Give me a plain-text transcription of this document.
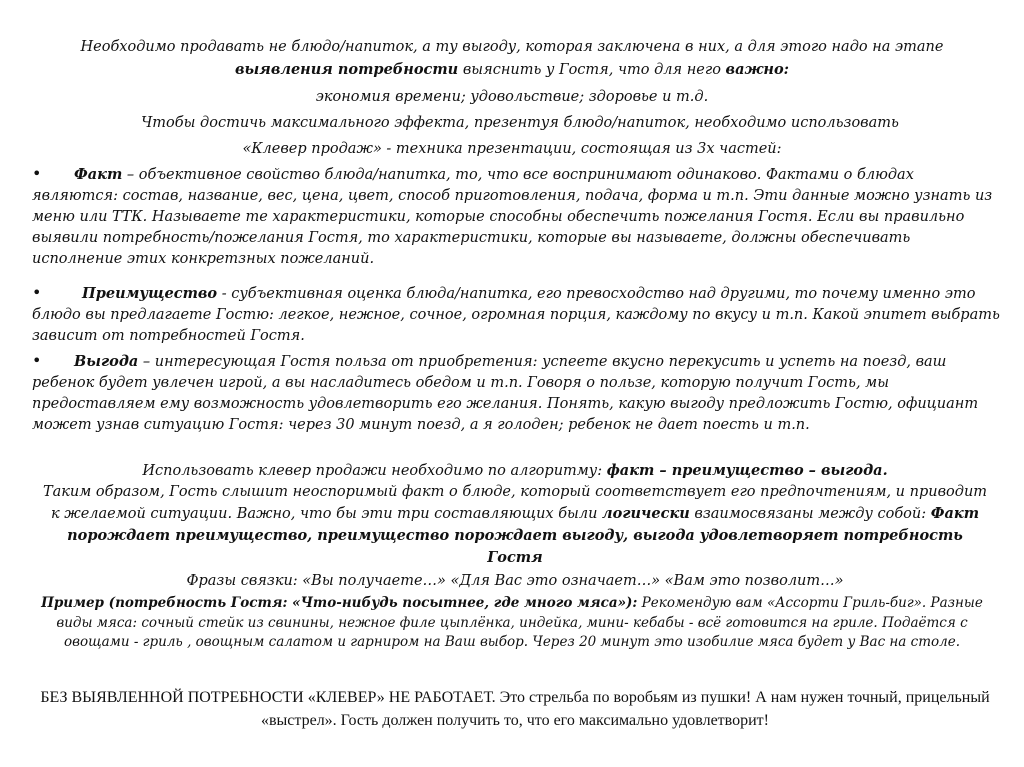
Необходимо продавать не блюдо/напиток, а ту выгоду, которая заключена в них, а для этого надо на этапе
выявления потребности выяснить у Гостя, что для него важно:
экономия времени; удовольствие; здоровье и т.д.
Чтобы достичь максимального эффекта, презентуя блюдо/напиток, необходимо использовать
«Клевер продаж» - техника презентации, состоящая из 3х частей:
•	Факт – объективное свойство блюда/напитка, то, что все воспринимают одинаково. Фактами о блюдах являются: состав, название, вес, цена, цвет, способ приготовления, подача, форма и т.п. Эти данные можно узнать из меню или ТТК. Называете те характеристики, которые способны обеспечить пожелания Гостя. Если вы правильно выявили потребность/пожелания Гостя, то характеристики, которые вы называете, должны обеспечивать исполнение этих конкретзных пожеланий.
•	Преимущество - субъективная оценка блюда/напитка, его превосходство над другими, то почему именно это блюдо вы предлагаете Гостю: легкое, нежное, сочное, огромная порция, каждому по вкусу и т.п. Какой эпитет выбрать зависит от потребностей Гостя.
•	Выгода – интересующая Гостя польза от приобретения: успеете вкусно перекусить и успеть на поезд, ваш ребенок будет увлечен игрой, а вы насладитесь обедом и т.п. Говоря о пользе, которую получит Гость, мы предоставляем ему возможность удовлетворить его желания. Понять, какую выгоду предложить Гостю, официант может узнав ситуацию Гостя: через 30 минут поезд, а я голоден; ребенок не дает поесть и т.п.
Использовать клевер продажи необходимо по алгоритму: факт – преимущество – выгода.
Таким образом, Гость слышит неоспоримый факт о блюде, который соответствует его предпочтениям, и приводит к желаемой ситуации. Важно, что бы эти три составляющих были логически взаимосвязаны между собой: Факт порождает преимущество, преимущество порождает выгоду, выгода удовлетворяет потребность Гостя
Фразы связки: «Вы получаете…» «Для Вас это означает…» «Вам это позволит…»
Пример (потребность Гостя: «Что-нибудь посытнее, где много мяса»): Рекомендую вам «Ассорти Гриль-биг». Разные виды мяса: сочный стейк из свинины, нежное филе цыплёнка, индейка, мини- кебабы - всё готовится на гриле. Подаётся с овощами - гриль , овощным салатом и гарниром на Ваш выбор. Через 20 минут это изобилие мяса будет у Вас на столе.
БЕЗ ВЫЯВЛЕННОЙ ПОТРЕБНОСТИ «КЛЕВЕР» НЕ РАБОТАЕТ. Это стрельба по воробьям из пушки! А нам нужен точный, прицельный «выстрел». Гость должен получить то, что его максимально удовлетворит!
